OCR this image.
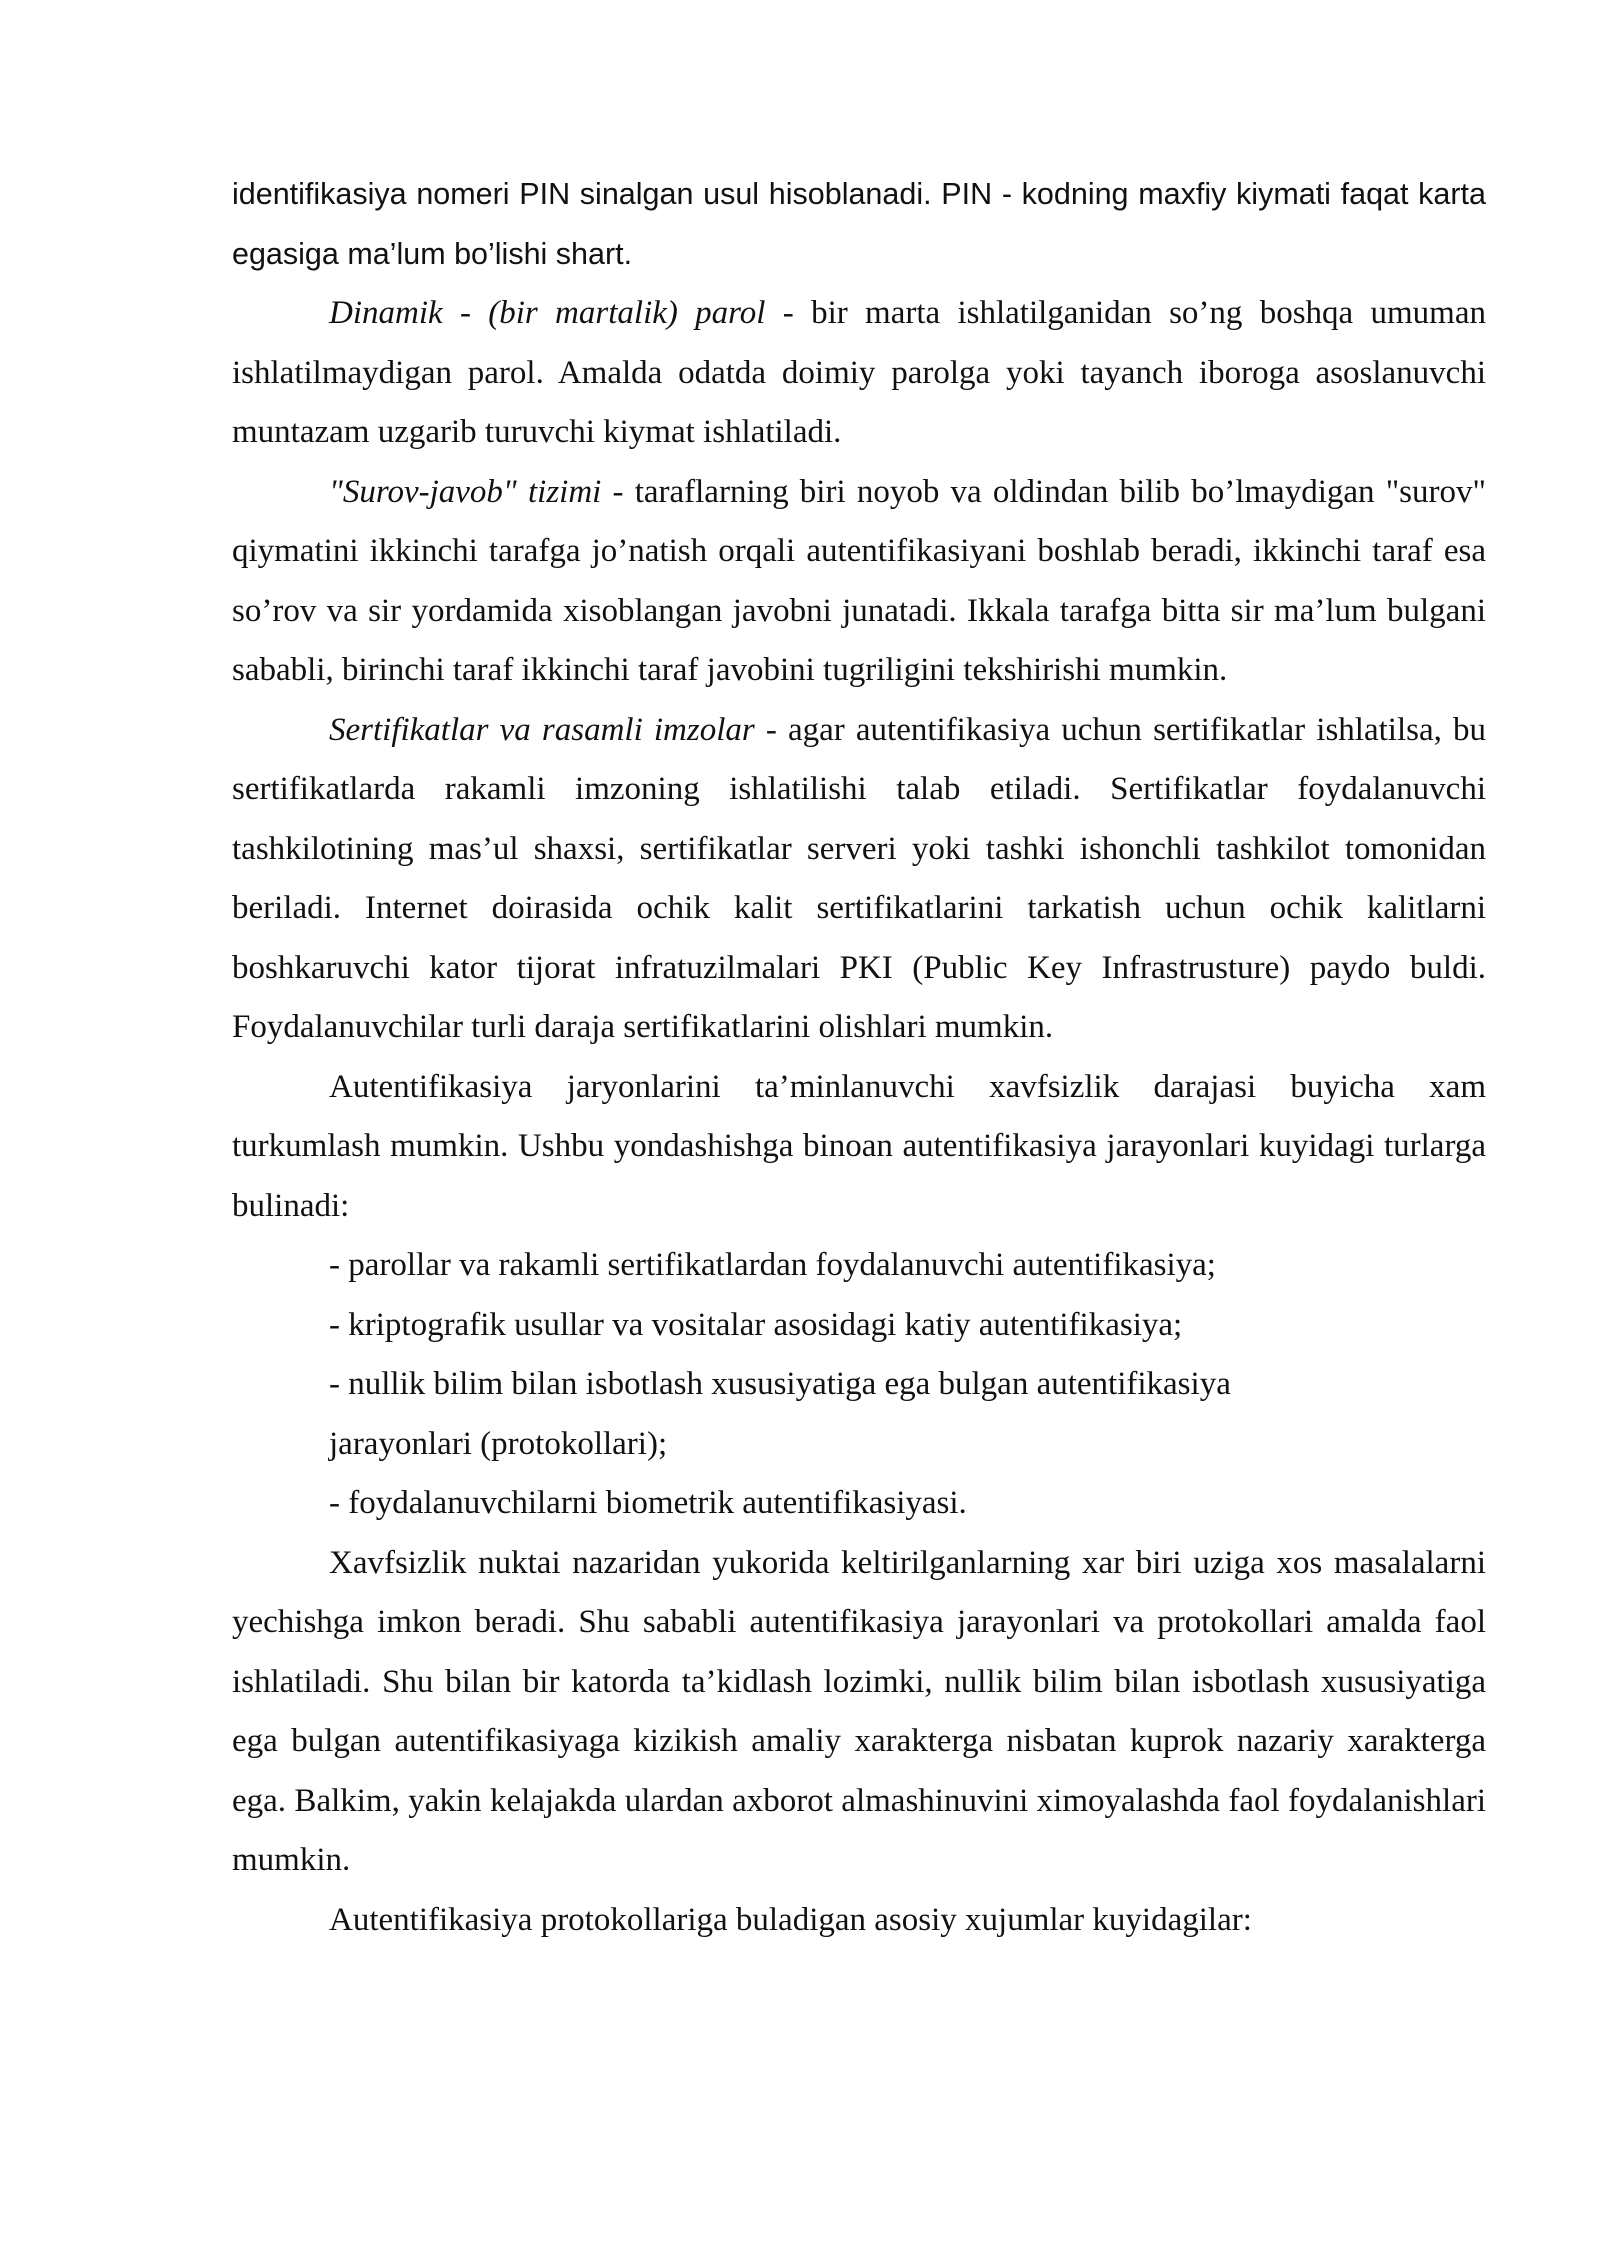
identifikasiya nomeri PIN sinalgan usul hisoblanadi. PIN - kodning maxfiy kiymati faqat karta egasiga ma’lum bo’lishi shart.

Dinamik - (bir martalik) parol - bir marta ishlatilganidan so’ng boshqa umuman ishlatilmaydigan parol. Amalda odatda doimiy parolga yoki tayanch iboroga asoslanuvchi muntazam uzgarib turuvchi kiymat ishlatiladi.

"Surov-javob" tizimi - taraflarning biri noyob va oldindan bilib bo’lmaydigan "surov" qiymatini ikkinchi tarafga jo’natish orqali autentifikasiyani boshlab beradi, ikkinchi taraf esa so’rov va sir yordamida xisoblangan javobni junatadi. Ikkala tarafga bitta sir ma’lum bulgani sababli, birinchi taraf ikkinchi taraf javobini tugriligini tekshirishi mumkin.

Sertifikatlar va rasamli imzolar - agar autentifikasiya uchun sertifikatlar ishlatilsa, bu sertifikatlarda rakamli imzoning ishlatilishi talab etiladi. Sertifikatlar foydalanuvchi tashkilotining mas’ul shaxsi, sertifikatlar serveri yoki tashki ishonchli tashkilot tomonidan beriladi. Internet doirasida ochik kalit sertifikatlarini tarkatish uchun ochik kalitlarni boshkaruvchi kator tijorat infratuzilmalari PKI (Public Key Infrastrusture) paydo buldi. Foydalanuvchilar turli daraja sertifikatlarini olishlari mumkin.

Autentifikasiya jaryonlarini ta’minlanuvchi xavfsizlik darajasi buyicha xam turkumlash mumkin. Ushbu yondashishga binoan autentifikasiya jarayonlari kuyidagi turlarga bulinadi:

- parollar va rakamli sertifikatlardan foydalanuvchi autentifikasiya;

- kriptografik usullar va vositalar asosidagi katiy autentifikasiya;

- nullik bilim bilan isbotlash xususiyatiga ega bulgan autentifikasiya jarayonlari (protokollari);

- foydalanuvchilarni biometrik autentifikasiyasi.

Xavfsizlik nuktai nazaridan yukorida keltirilganlarning xar biri uziga xos masalalarni yechishga imkon beradi. Shu sababli autentifikasiya jarayonlari va protokollari amalda faol ishlatiladi. Shu bilan bir katorda ta’kidlash lozimki, nullik bilim bilan isbotlash xususiyatiga ega bulgan autentifikasiyaga kizikish amaliy xarakterga nisbatan kuprok nazariy xarakterga ega. Balkim, yakin kelajakda ulardan axborot almashinuvini ximoyalashda faol foydalanishlari mumkin.

Autentifikasiya protokollariga buladigan asosiy xujumlar kuyidagilar:
